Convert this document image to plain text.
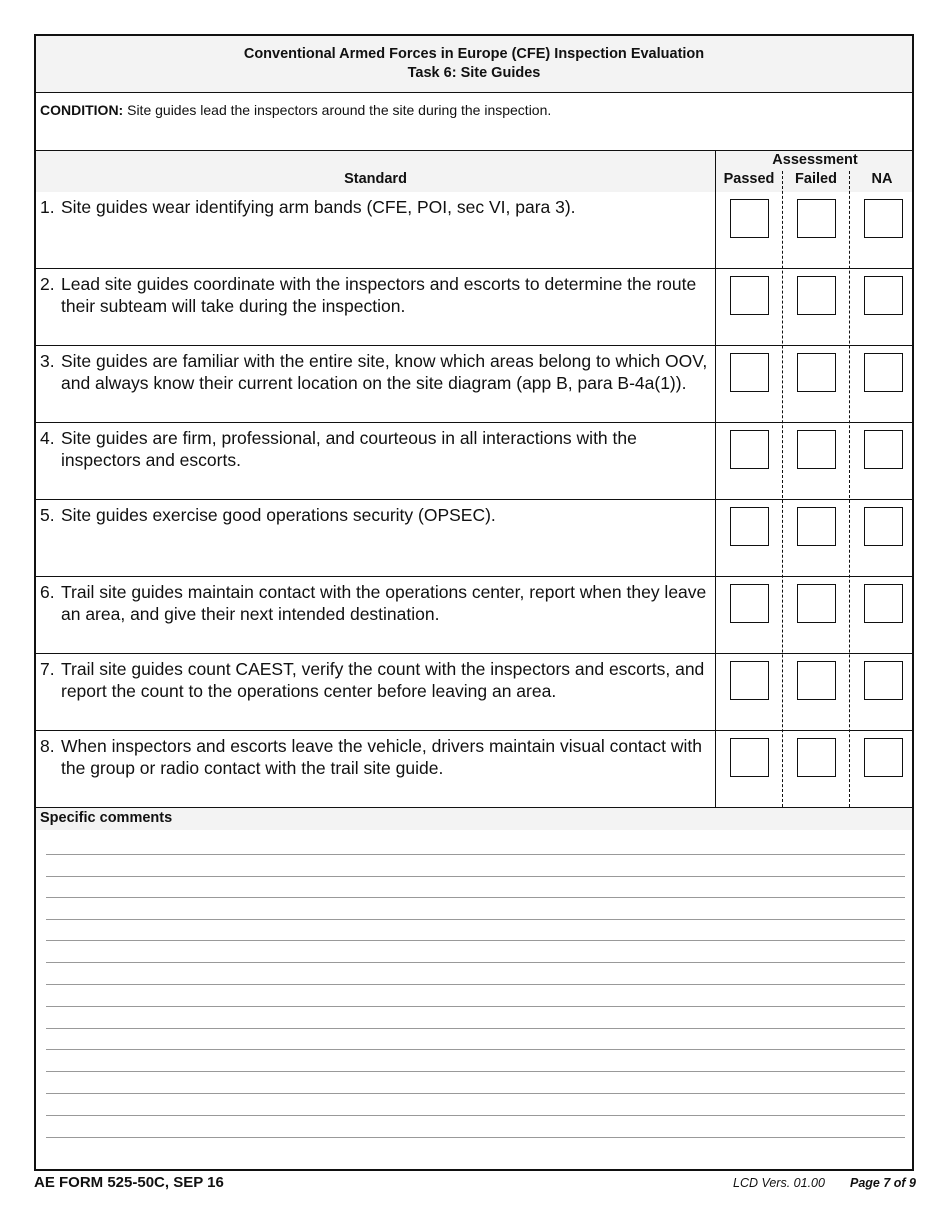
Conventional Armed Forces in Europe (CFE) Inspection Evaluation
Task 6: Site Guides
CONDITION: Site guides lead the inspectors around the site during the inspection.
Standard
Assessment
Passed	Failed	NA
1. Site guides wear identifying arm bands (CFE, POI, sec VI, para 3).
2. Lead site guides coordinate with the inspectors and escorts to determine the route their subteam will take during the inspection.
3. Site guides are familiar with the entire site, know which areas belong to which OOV, and always know their current location on the site diagram (app B, para B-4a(1)).
4. Site guides are firm, professional, and courteous in all interactions with the inspectors and escorts.
5. Site guides exercise good operations security (OPSEC).
6. Trail site guides maintain contact with the operations center, report when they leave an area, and give their next intended destination.
7. Trail site guides count CAEST, verify the count with the inspectors and escorts, and report the count to the operations center before leaving an area.
8. When inspectors and escorts leave the vehicle, drivers maintain visual contact with the group or radio contact with the trail site guide.
Specific comments
AE FORM 525-50C, SEP 16	LCD Vers. 01.00 Page 7 of 9
